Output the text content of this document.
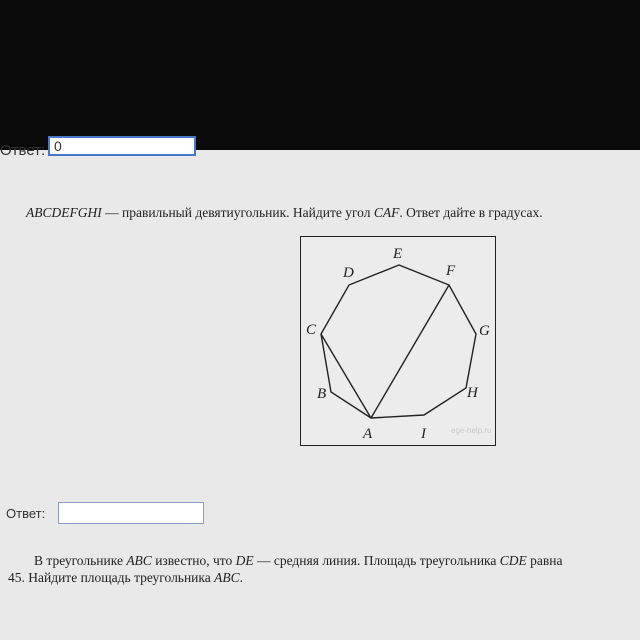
Ответ: 0
ABCDEFGHI — правильный девятиугольник. Найдите угол CAF. Ответ дайте в градусах.
A
B
C
D
E
F
G
H
I	ege-help.ru
Ответ:
В треугольнике ABC известно, что DE — средняя линия. Площадь треугольника CDE равна
45. Найдите площадь треугольника ABC.
